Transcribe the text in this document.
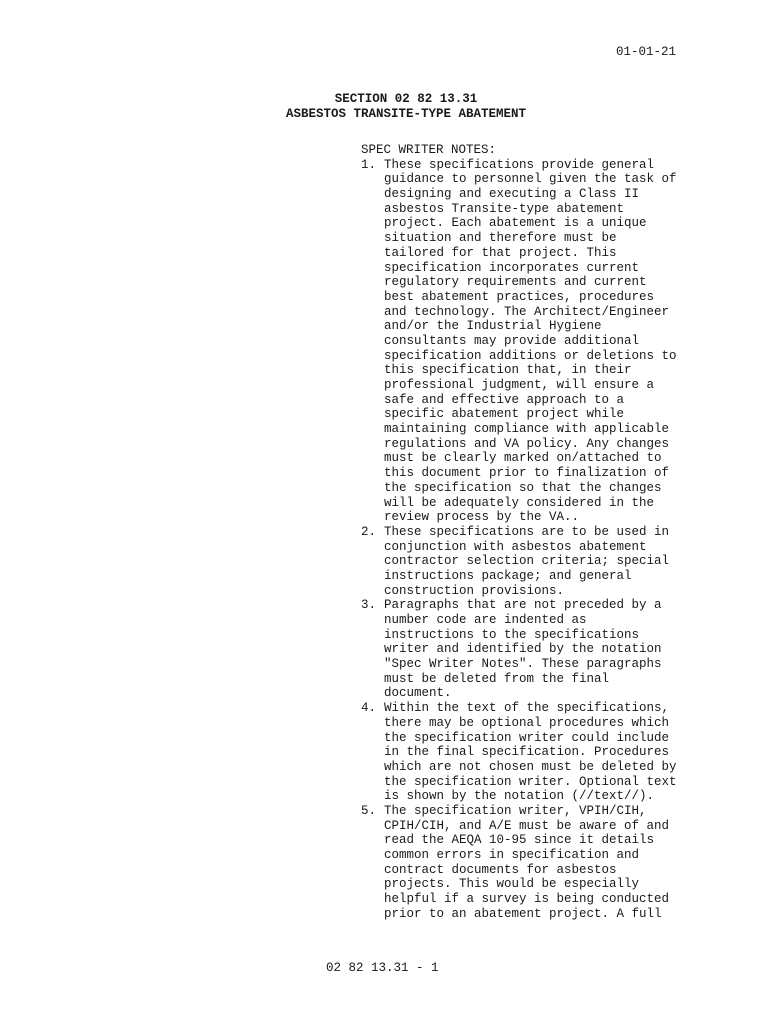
01-01-21
SECTION 02 82 13.31
ASBESTOS TRANSITE-TYPE ABATEMENT
SPEC WRITER NOTES:
1. These specifications provide general
guidance to personnel given the task of
designing and executing a Class II
asbestos Transite-type abatement
project. Each abatement is a unique
situation and therefore must be
tailored for that project. This
specification incorporates current
regulatory requirements and current
best abatement practices, procedures
and technology. The Architect/Engineer
and/or the Industrial Hygiene
consultants may provide additional
specification additions or deletions to
this specification that, in their
professional judgment, will ensure a
safe and effective approach to a
specific abatement project while
maintaining compliance with applicable
regulations and VA policy. Any changes
must be clearly marked on/attached to
this document prior to finalization of
the specification so that the changes
will be adequately considered in the
review process by the VA..
2. These specifications are to be used in
conjunction with asbestos abatement
contractor selection criteria; special
instructions package; and general
construction provisions.
3. Paragraphs that are not preceded by a
number code are indented as
instructions to the specifications
writer and identified by the notation
"Spec Writer Notes". These paragraphs
must be deleted from the final
document.
4. Within the text of the specifications,
there may be optional procedures which
the specification writer could include
in the final specification. Procedures
which are not chosen must be deleted by
the specification writer. Optional text
is shown by the notation (//text//).
5. The specification writer, VPIH/CIH,
CPIH/CIH, and A/E must be aware of and
read the AEQA 10-95 since it details
common errors in specification and
contract documents for asbestos
projects. This would be especially
helpful if a survey is being conducted
prior to an abatement project. A full
02 82 13.31 - 1
